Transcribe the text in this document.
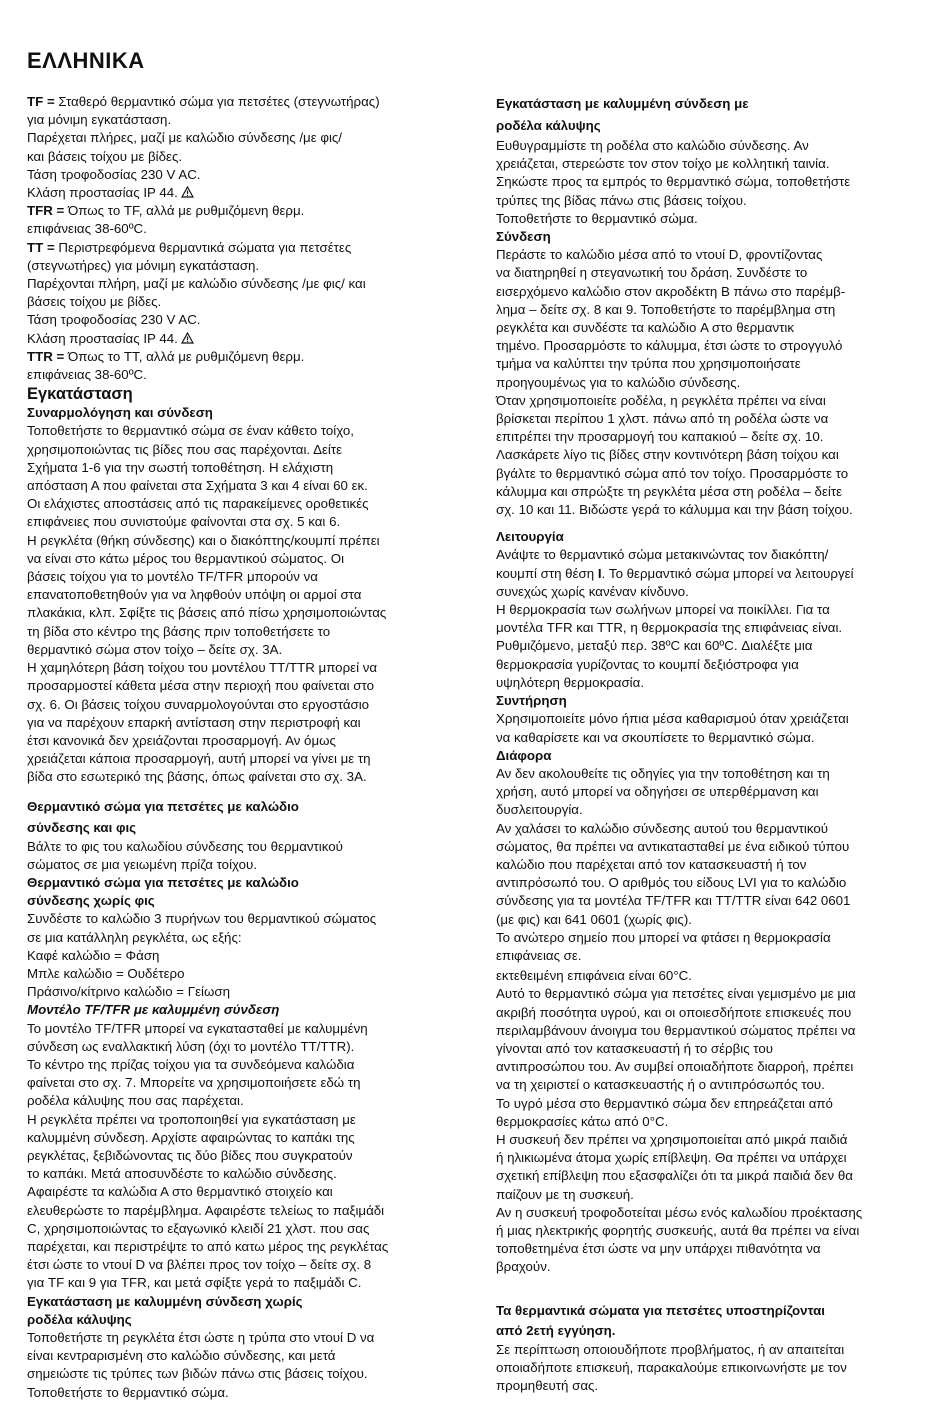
ΕΛΛΗΝΙΚΑ

TF = Σταθερό θερμαντικό σώμα για πετσέτες (στεγνωτήρας)
για μόνιμη εγκατάσταση.
Παρέχεται πλήρες, μαζί με καλώδιο σύνδεσης /με φις/
και βάσεις τοίχου με βίδες.
Τάση τροφοδοσίας 230 V AC.

Κλάση προστασίας IP 44.

TFR = Όπως το TF, αλλά με ρυθμιζόμενη θερμ.
επιφάνειας 38-60ºC.

TT = Περιστρεφόμενα θερμαντικά σώματα για πετσέτες
(στεγνωτήρες) για μόνιμη εγκατάσταση.
Παρέχονται πλήρη, μαζί με καλώδιο σύνδεσης /με φις/ και
βάσεις τοίχου με βίδες.
Τάση τροφοδοσίας 230 V AC.

Κλάση προστασίας IP 44.

TTR = Όπως το TT, αλλά με ρυθμιζόμενη θερμ.
επιφάνειας 38-60ºC.

Εγκατάσταση

Συναρμολόγηση και σύνδεση

Τοποθετήστε το θερμαντικό σώμα σε έναν κάθετο τοίχο,
χρησιμοποιώντας τις βίδες που σας παρέχονται. Δείτε
Σχήματα 1-6 για την σωστή τοποθέτηση. Η ελάχιστη
απόσταση Α που φαίνεται στα Σχήματα 3 και 4 είναι 60 εκ.
Οι ελάχιστες αποστάσεις από τις παρακείμενες οροθετικές
επιφάνειες που συνιστούμε φαίνονται στα σχ. 5 και 6.

Η ρεγκλέτα (θήκη σύνδεσης) και ο διακόπτης/κουμπί πρέπει
να είναι στο κάτω μέρος του θερμαντικού σώματος. Οι
βάσεις τοίχου για το μοντέλο TF/TFR μπορούν να
επανατοποθετηθούν για να ληφθούν υπόψη οι αρμοί στα
πλακάκια, κλπ. Σφίξτε τις βάσεις από πίσω χρησιμοποιώντας
τη βίδα στο κέντρο της βάσης πριν τοποθετήσετε το
θερμαντικό σώμα στον τοίχο – δείτε σχ. 3Α.

Η χαμηλότερη βάση τοίχου του μοντέλου ΤΤ/TTR μπορεί να
προσαρμοστεί κάθετα μέσα στην περιοχή που φαίνεται στο
σχ. 6. Οι βάσεις τοίχου συναρμολογούνται στο εργοστάσιο
για να παρέχουν επαρκή αντίσταση στην περιστροφή και
έτσι κανονικά δεν χρειάζονται προσαρμογή. Αν όμως
χρειάζεται κάποια προσαρμογή, αυτή μπορεί να γίνει με τη
βίδα στο εσωτερικό της βάσης, όπως φαίνεται στο σχ. 3Α.

Θερμαντικό σώμα για πετσέτες με καλώδιο
σύνδεσης και φις

Βάλτε το φις του καλωδίου σύνδεσης του θερμαντικού
σώματος σε μια γειωμένη πρίζα τοίχου.

Θερμαντικό σώμα για πετσέτες με καλώδιο
σύνδεσης χωρίς φις

Συνδέστε το καλώδιο 3 πυρήνων του θερμαντικού σώματος
σε μια κατάλληλη ρεγκλέτα, ως εξής:
Καφέ καλώδιο = Φάση
Μπλε καλώδιο = Ουδέτερο
Πράσινο/κίτρινο καλώδιο = Γείωση

Μοντέλο TF/TFR με καλυμμένη σύνδεση

Το μοντέλο TF/TFR μπορεί να εγκατασταθεί με καλυμμένη
σύνδεση ως εναλλακτική λύση (όχι το μοντέλο TT/TTR).
Το κέντρο της πρίζας τοίχου για τα συνδεόμενα καλώδια
φαίνεται στο σχ. 7. Μπορείτε να χρησιμοποιήσετε εδώ τη
ροδέλα κάλυψης που σας παρέχεται.

Η ρεγκλέτα πρέπει να τροποποιηθεί για εγκατάσταση με
καλυμμένη σύνδεση. Αρχίστε αφαιρώντας το καπάκι της
ρεγκλέτας, ξεβιδώνοντας τις δύο βίδες που συγκρατούν
το καπάκι. Μετά αποσυνδέστε το καλώδιο σύνδεσης.
Αφαιρέστε τα καλώδια Α στο θερμαντικό στοιχείο και
ελευθερώστε το παρέμβλημα. Αφαιρέστε τελείως το παξιμάδι
C, χρησιμοποιώντας το εξαγωνικό κλειδί 21 χλστ. που σας
παρέχεται, και περιστρέψτε το από κατω μέρος της ρεγκλέτας
έτσι ώστε το ντουί D να βλέπει προς τον τοίχο – δείτε σχ. 8
για TF και 9 για TFR, και μετά σφίξτε γερά το παξιμάδι C.

Εγκατάσταση με καλυμμένη σύνδεση χωρίς
ροδέλα κάλυψης

Τοποθετήστε τη ρεγκλέτα έτσι ώστε η τρύπα στο ντουί D να
είναι κεντραρισμένη στο καλώδιο σύνδεσης, και μετά
σημειώστε τις τρύπες των βιδών πάνω στις βάσεις τοίχου.
Τοποθετήστε το θερμαντικό σώμα.

Εγκατάσταση με καλυμμένη σύνδεση με
ροδέλα κάλυψης

Ευθυγραμμίστε τη ροδέλα στο καλώδιο σύνδεσης. Αν
χρειάζεται, στερεώστε τον στον τοίχο με κολλητική ταινία.
Σηκώστε προς τα εμπρός το θερμαντικό σώμα, τοποθετήστε
τρύπες της βίδας πάνω στις βάσεις τοίχου.
Τοποθετήστε το θερμαντικό σώμα.

Σύνδεση

Περάστε το καλώδιο μέσα από το ντουί D, φροντίζοντας
να διατηρηθεί η στεγανωτική του δράση. Συνδέστε το
εισερχόμενο καλώδιο στον ακροδέκτη B πάνω στο παρέμβ-
λημα – δείτε σχ. 8 και 9. Τοποθετήστε το παρέμβλημα στη
ρεγκλέτα και συνδέστε τα καλώδιο A στο θερμαντικ
τημένο. Προσαρμόστε το κάλυμμα, έτσι ώστε το στρογγυλό
τμήμα να καλύπτει την τρύπα που χρησιμοποιήσατε
προηγουμένως για το καλώδιο σύνδεσης.

Όταν χρησιμοποιείτε ροδέλα, η ρεγκλέτα πρέπει να είναι
βρίσκεται περίπου 1 χλστ. πάνω από τη ροδέλα ώστε να
επιτρέπει την προσαρμογή του καπακιού – δείτε σχ. 10.
Λασκάρετε λίγο τις βίδες στην κοντινότερη βάση τοίχου και
βγάλτε το θερμαντικό σώμα από τον τοίχο. Προσαρμόστε το
κάλυμμα και σπρώξτε τη ρεγκλέτα μέσα στη ροδέλα – δείτε
σχ. 10 και 11. Βιδώστε γερά το κάλυμμα και την βάση τοίχου.

Λειτουργία

Ανάψτε το θερμαντικό σώμα μετακινώντας τον διακόπτη/
κουμπί στη θέση I. Το θερμαντικό σώμα μπορεί να λειτουργεί
συνεχώς χωρίς κανέναν κίνδυνο.

Η θερμοκρασία των σωλήνων μπορεί να ποικίλλει. Για τα
μοντέλα TFR και TTR, η θερμοκρασία της επιφάνειας είναι.
Ρυθμιζόμενο, μεταξύ περ. 38ºC και 60ºC. Διαλέξτε μια
θερμοκρασία γυρίζοντας το κουμπί δεξιόστροφα για
υψηλότερη θερμοκρασία.

Συντήρηση

Χρησιμοποιείτε μόνο ήπια μέσα καθαρισμού όταν χρειάζεται
να καθαρίσετε και να σκουπίσετε το θερμαντικό σώμα.

Διάφορα

Αν δεν ακολουθείτε τις οδηγίες για την τοποθέτηση και τη
χρήση, αυτό μπορεί να οδηγήσει σε υπερθέρμανση και
δυσλειτουργία.

Αν χαλάσει το καλώδιο σύνδεσης αυτού του θερμαντικού
σώματος, θα πρέπει να αντικατασταθεί με ένα ειδικού τύπου
καλώδιο που παρέχεται από τον κατασκευαστή ή τον
αντιπρόσωπό του. Ο αριθμός του είδους LVI για το καλώδιο
σύνδεσης για τα μοντέλα TF/TFR και TT/TTR είναι 642 0601
(με φις) και 641 0601 (χωρίς φις).

Το ανώτερο σημείο που μπορεί να φτάσει η θερμοκρασία
επιφάνειας σε.

εκτεθειμένη επιφάνεια είναι 60°C.

Αυτό το θερμαντικό σώμα για πετσέτες είναι γεμισμένο με μια
ακριβή ποσότητα υγρού, και οι οποιεσδήποτε επισκευές που
περιλαμβάνουν άνοιγμα του θερμαντικού σώματος πρέπει να
γίνονται από τον κατασκευαστή ή το σέρβις του
αντιπροσώπου του. Αν συμβεί οποιαδήποτε διαρροή, πρέπει
να τη χειριστεί ο κατασκευαστής ή ο αντιπρόσωπός του.

Το υγρό μέσα στο θερμαντικό σώμα δεν επηρεάζεται από
θερμοκρασίες κάτω από 0°C.

Η συσκευή δεν πρέπει να χρησιμοποιείται από μικρά παιδιά
ή ηλικιωμένα άτομα χωρίς επίβλεψη. Θα πρέπει να υπάρχει
σχετική επίβλεψη που εξασφαλίζει ότι τα μικρά παιδιά δεν θα
παίζουν με τη συσκευή.

Αν η συσκευή τροφοδοτείται μέσω ενός καλωδίου προέκτασης
ή μιας ηλεκτρικής φορητής συσκευής, αυτά θα πρέπει να είναι
τοποθετημένα έτσι ώστε να μην υπάρχει πιθανότητα να
βραχούν.

Τα θερμαντικά σώματα για πετσέτες υποστηρίζονται
από 2ετή εγγύηση.

Σε περίπτωση οποιουδήποτε προβλήματος, ή αν απαιτείται
οποιαδήποτε επισκευή, παρακαλούμε επικοινωνήστε με τον
προμηθευτή σας.
